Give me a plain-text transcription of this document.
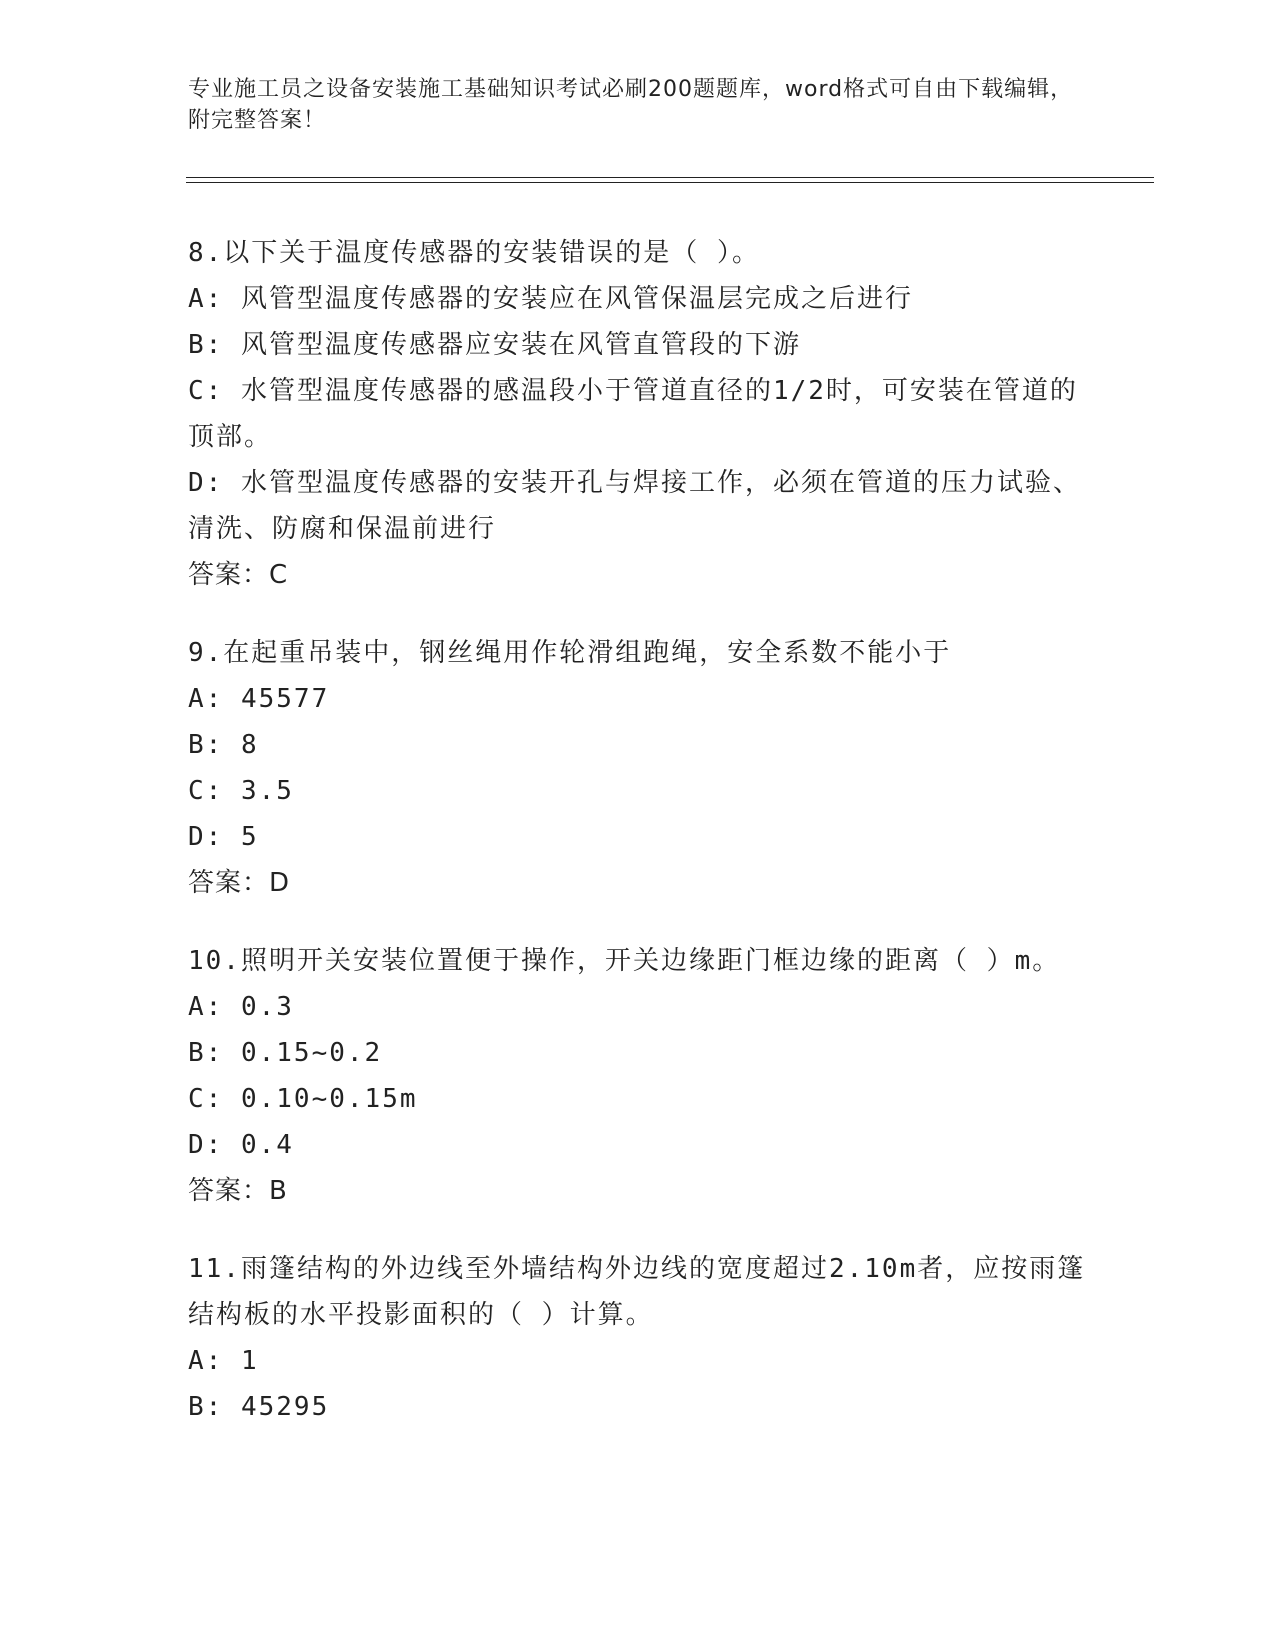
专业施工员之设备安装施工基础知识考试必刷200题题库，word格式可自由下载编辑，附完整答案！

8.以下关于温度传感器的安装错误的是（ ）。

A : 风管型温度传感器的安装应在风管保温层完成之后进行

B : 风管型温度传感器应安装在风管直管段的下游

C : 水管型温度传感器的感温段小于管道直径的1/2时，可安装在管道的顶部。

D : 水管型温度传感器的安装开孔与焊接工作，必须在管道的压力试验、清洗、防腐和保温前进行

答案：C

9.在起重吊装中，钢丝绳用作轮滑组跑绳，安全系数不能小于

A : 45577

B : 8

C : 3.5

D : 5

答案：D

10.照明开关安装位置便于操作，开关边缘距门框边缘的距离（ ）m。

A : 0.3

B : 0.15~0.2

C : 0.10~0.15m

D : 0.4

答案：B

11.雨篷结构的外边线至外墙结构外边线的宽度超过2.10m者，应按雨篷结构板的水平投影面积的（ ）计算。

A : 1

B : 45295
